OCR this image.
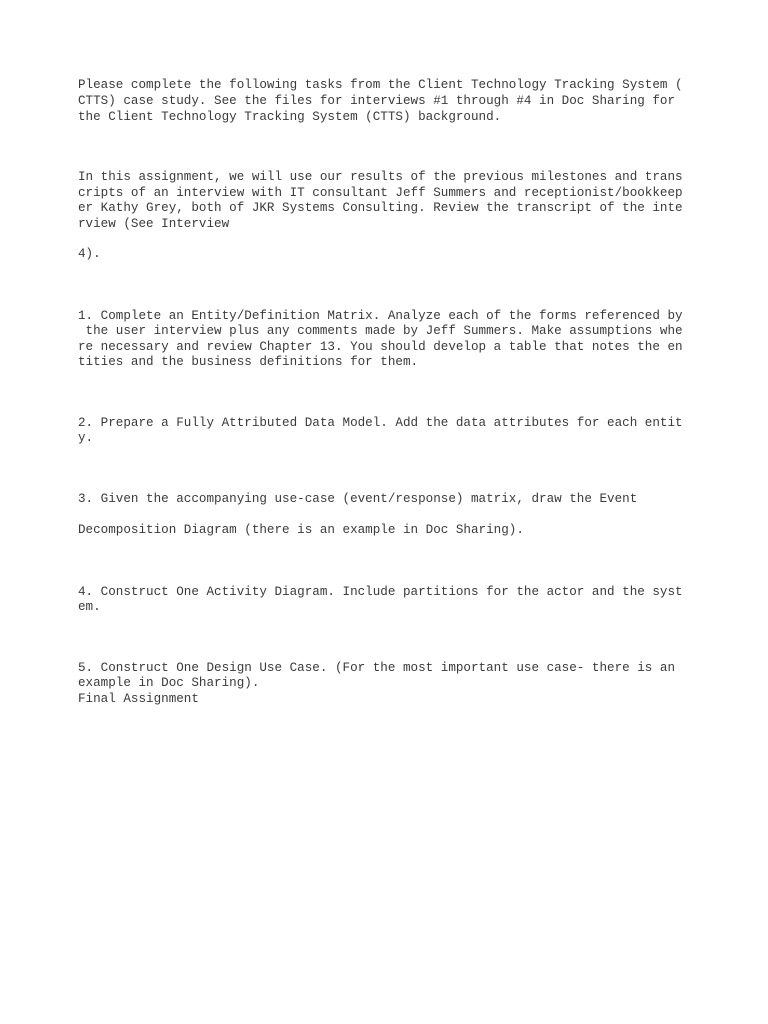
Please complete the following tasks from the Client Technology Tracking System (

CTTS) case study. See the files for interviews #1 through #4 in Doc Sharing for

the Client Technology Tracking System (CTTS) background.

In this assignment, we will use our results of the previous milestones and trans

cripts of an interview with IT consultant Jeff Summers and receptionist/bookkeep

er Kathy Grey, both of JKR Systems Consulting. Review the transcript of the inte

rview (See Interview

4).

1. Complete an Entity/Definition Matrix. Analyze each of the forms referenced by

the user interview plus any comments made by Jeff Summers. Make assumptions whe

re necessary and review Chapter 13. You should develop a table that notes the en

tities and the business definitions for them.

2. Prepare a Fully Attributed Data Model. Add the data attributes for each entit

y.

3. Given the accompanying use-case (event/response) matrix, draw the Event

Decomposition Diagram (there is an example in Doc Sharing).

4. Construct One Activity Diagram. Include partitions for the actor and the syst

em.

5. Construct One Design Use Case. (For the most important use case- there is an

example in Doc Sharing).

Final Assignment
